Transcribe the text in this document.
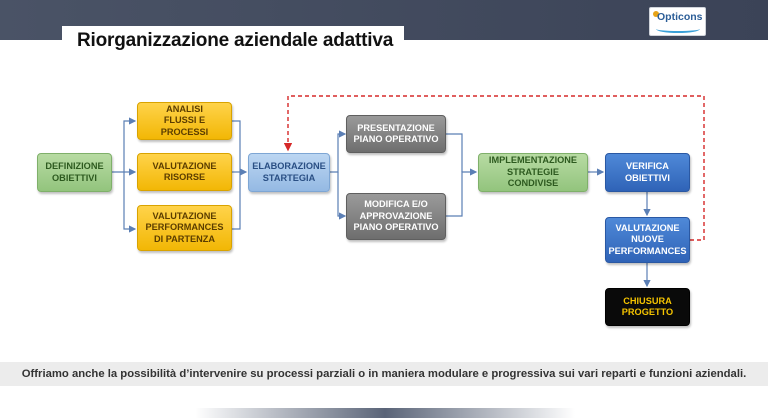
Riorganizzazione aziendale adattiva
Opticons
DEFINIZIONE
OBIETTIVI
ANALISI
FLUSSI E PROCESSI
VALUTAZIONE
RISORSE
VALUTAZIONE
PERFORMANCES
DI PARTENZA
ELABORAZIONE
STARTEGIA
PRESENTAZIONE
PIANO OPERATIVO
MODIFICA E/O
APPROVAZIONE
PIANO OPERATIVO
IMPLEMENTAZIONE
STRATEGIE CONDIVISE
VERIFICA
OBIETTIVI
VALUTAZIONE
NUOVE
PERFORMANCES
CHIUSURA
PROGETTO
Offriamo anche la possibilità d’intervenire su processi parziali o in maniera modulare e progressiva sui vari reparti e funzioni aziendali.
